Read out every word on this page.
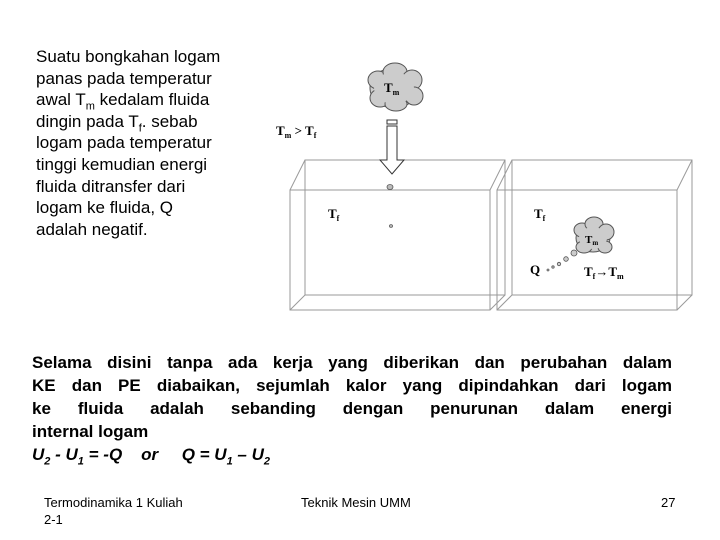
Suatu bongkahan logam
panas pada temperatur
awal $T_m$ kedalam fluida
dingin pada $T_f$. sebab
logam pada temperatur
tinggi kemudian energi
fluida ditransfer dari
logam ke fluida, Q
adalah negatif.
$T_m$
$T_m > T_f$
$T_f$	$T_f$
Tm
Q	$T_f\to T_m$
Selama disini tanpa ada kerja yang diberikan dan perubahan dalam
KE dan PE diabaikan, sejumlah kalor yang dipindahkan dari logam
ke fluida adalah sebanding dengan penurunan dalam energi
internal logam
$U_2 - U_1 = -Q$    or     $Q = U_1 - U_2$
Termodinamika 1 Kuliah
2-1
Teknik Mesin UMM	27
